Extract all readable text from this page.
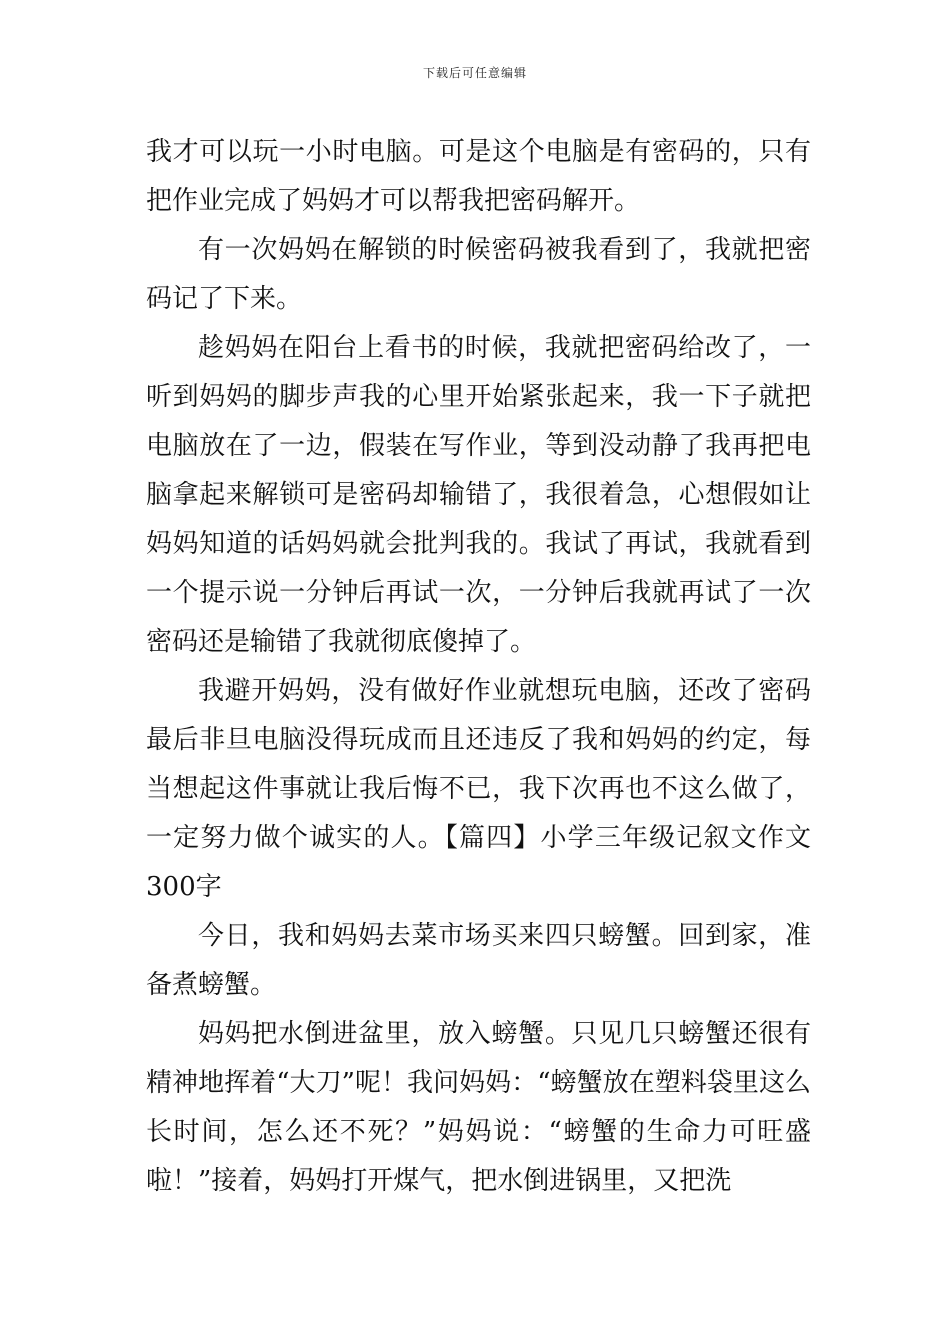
下载后可任意编辑

我才可以玩一小时电脑。可是这个电脑是有密码的，只有把作业完成了妈妈才可以帮我把密码解开。

有一次妈妈在解锁的时候密码被我看到了，我就把密码记了下来。

趁妈妈在阳台上看书的时候，我就把密码给改了，一听到妈妈的脚步声我的心里开始紧张起来，我一下子就把电脑放在了一边，假装在写作业，等到没动静了我再把电脑拿起来解锁可是密码却输错了，我很着急，心想假如让妈妈知道的话妈妈就会批判我的。我试了再试，我就看到一个提示说一分钟后再试一次，一分钟后我就再试了一次密码还是输错了我就彻底傻掉了。

我避开妈妈，没有做好作业就想玩电脑，还改了密码最后非旦电脑没得玩成而且还违反了我和妈妈的约定，每当想起这件事就让我后悔不已，我下次再也不这么做了，一定努力做个诚实的人。【篇四】小学三年级记叙文作文300字

今日，我和妈妈去菜市场买来四只螃蟹。回到家，准备煮螃蟹。

妈妈把水倒进盆里，放入螃蟹。只见几只螃蟹还很有精神地挥着“大刀”呢！我问妈妈：“螃蟹放在塑料袋里这么长时间，怎么还不死？”妈妈说：“螃蟹的生命力可旺盛啦！”接着，妈妈打开煤气，把水倒进锅里，又把洗
